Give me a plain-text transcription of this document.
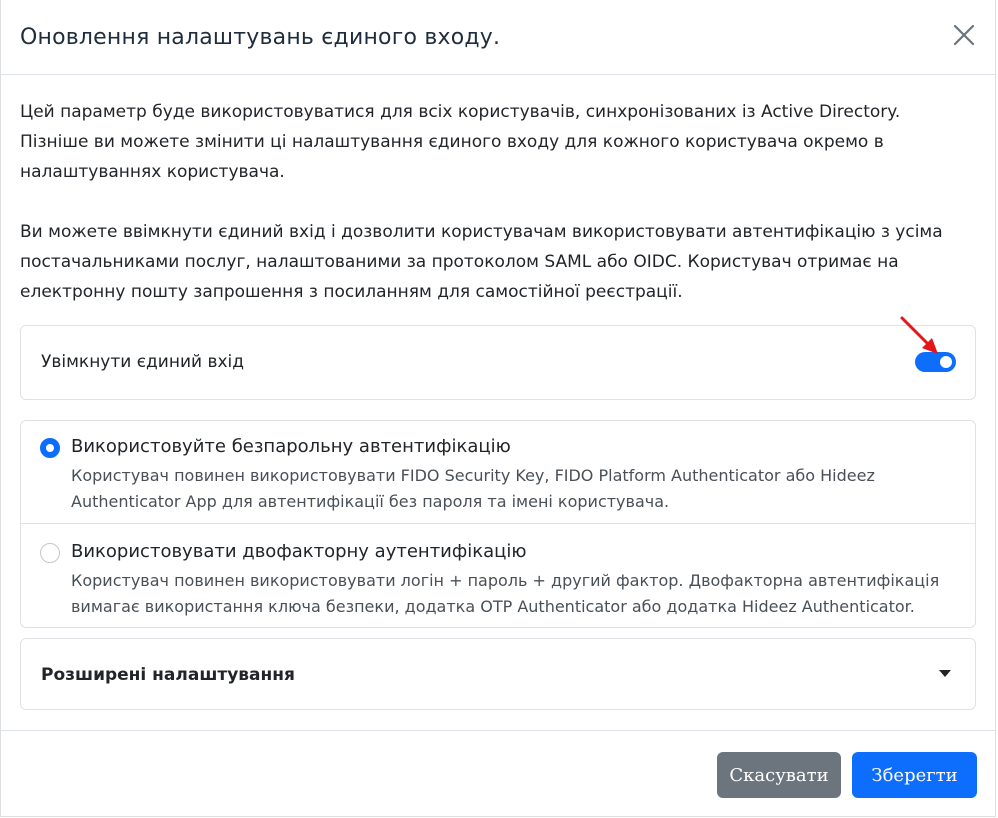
Оновлення налаштувань єдиного входу.

Цей параметр буде використовуватися для всіх користувачів, синхронізованих із Active Directory. Пізніше ви можете змінити ці налаштування єдиного входу для кожного користувача окремо в налаштуваннях користувача.

Ви можете ввімкнути єдиний вхід і дозволити користувачам використовувати автентифікацію з усіма постачальниками послуг, налаштованими за протоколом SAML або OIDC. Користувач отримає на електронну пошту запрошення з посиланням для самостійної реєстрації.

Увімкнути єдиний вхід
Використовуйте безпарольну автентифікацію
Користувач повинен використовувати FIDO Security Key, FIDO Platform Authenticator або Hideez Authenticator App для автентифікації без пароля та імені користувача.
Використовувати двофакторну аутентифікацію
Користувач повинен використовувати логін + пароль + другий фактор. Двофакторна автентифікація вимагає використання ключа безпеки, додатка OTP Authenticator або додатка Hideez Authenticator.
Розширені налаштування
Скасувати	Зберегти
